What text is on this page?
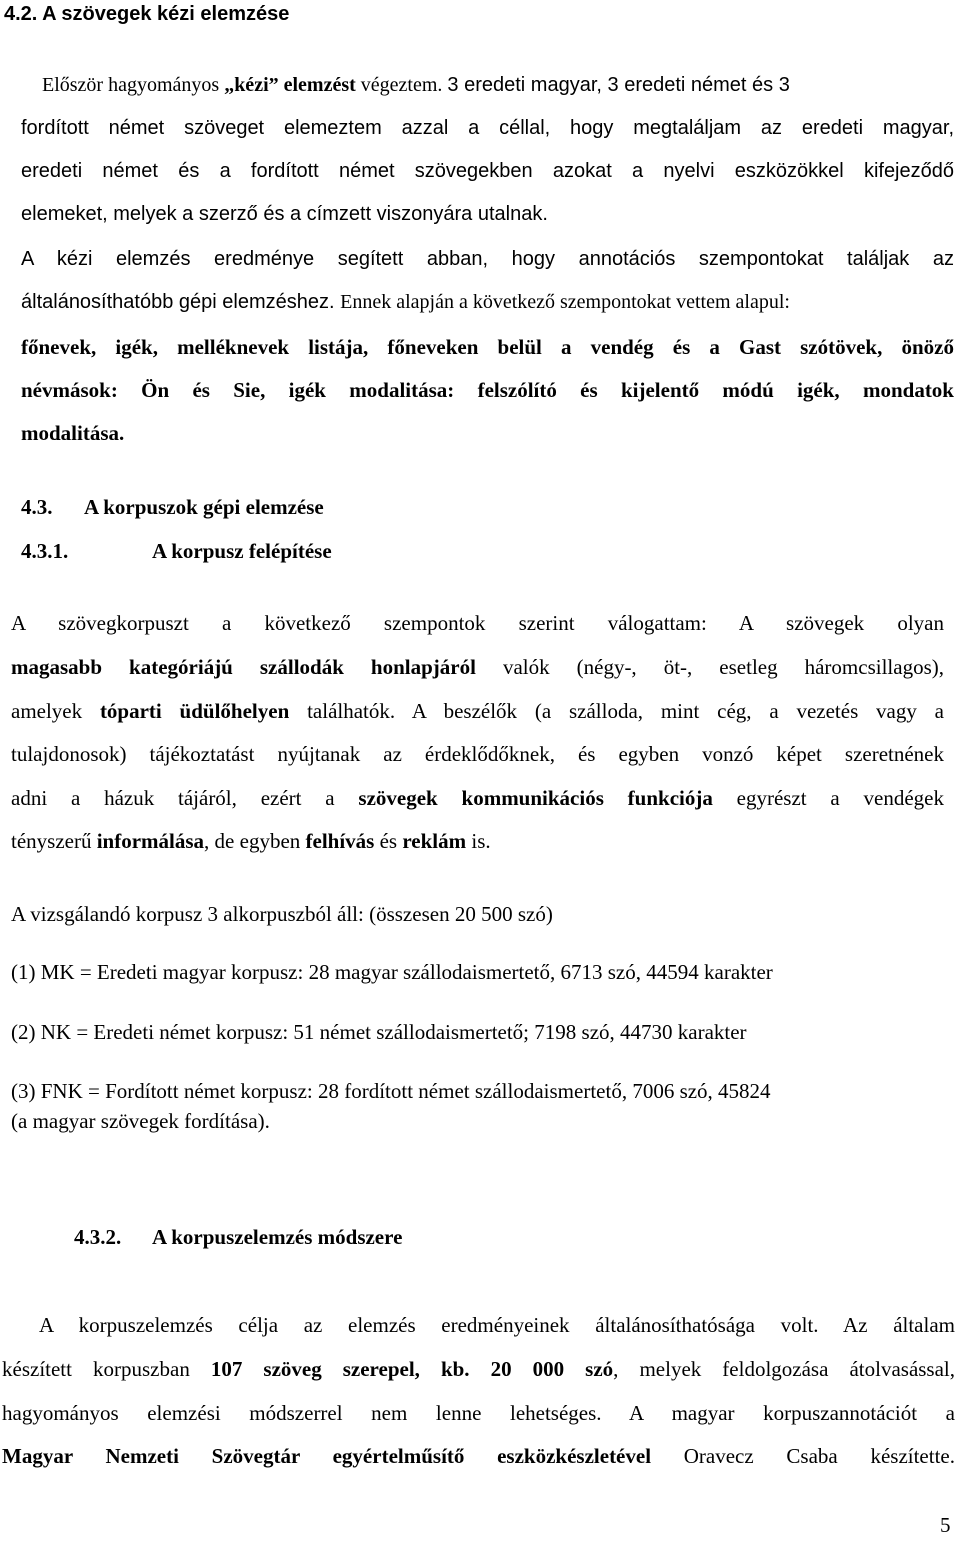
4.2. A szövegek kézi elemzése
Először hagyományos „kézi” elemzést végeztem. 3 eredeti magyar, 3 eredeti német és 3
fordított német szöveget elemeztem azzal a céllal, hogy megtaláljam az eredeti magyar,
eredeti német és a fordított német szövegekben azokat a nyelvi eszközökkel kifejeződő
elemeket, melyek a szerző és a címzett viszonyára utalnak.
A kézi elemzés eredménye segített abban, hogy annotációs szempontokat találjak az
általánosíthatóbb gépi elemzéshez. Ennek alapján a következő szempontokat vettem alapul:
főnevek, igék, melléknevek listája, főneveken belül a vendég és a Gast szótövek, önöző
névmások: Ön és Sie, igék modalitása: felszólító és kijelentő módú igék, mondatok
modalitása.
4.3. A korpuszok gépi elemzése
4.3.1.	A korpusz felépítése
A szövegkorpuszt a következő szempontok szerint válogattam: A szövegek olyan
magasabb kategóriájú szállodák honlapjáról valók (négy-, öt-, esetleg háromcsillagos),
amelyek tóparti üdülőhelyen találhatók. A beszélők (a szálloda, mint cég, a vezetés vagy a
tulajdonosok) tájékoztatást nyújtanak az érdeklődőknek, és egyben vonzó képet szeretnének
adni a házuk tájáról, ezért a szövegek kommunikációs funkciója egyrészt a vendégek
tényszerű informálása, de egyben felhívás és reklám is.
A vizsgálandó korpusz 3 alkorpuszból áll: (összesen 20 500 szó)
(1) MK = Eredeti magyar korpusz: 28 magyar szállodaismertető, 6713 szó, 44594 karakter
(2) NK = Eredeti német korpusz: 51 német szállodaismertető; 7198 szó, 44730 karakter
(3) FNK = Fordított német korpusz: 28 fordított német szállodaismertető, 7006 szó, 45824
(a magyar szövegek fordítása).
4.3.2. A korpuszelemzés módszere
A korpuszelemzés célja az elemzés eredményeinek általánosíthatósága volt. Az általam
készített korpuszban 107 szöveg szerepel, kb. 20 000 szó, melyek feldolgozása átolvasással,
hagyományos elemzési módszerrel nem lenne lehetséges. A magyar korpuszannotációt a
Magyar Nemzeti Szövegtár egyértelműsítő eszközkészletével Oravecz Csaba készítette.
5
